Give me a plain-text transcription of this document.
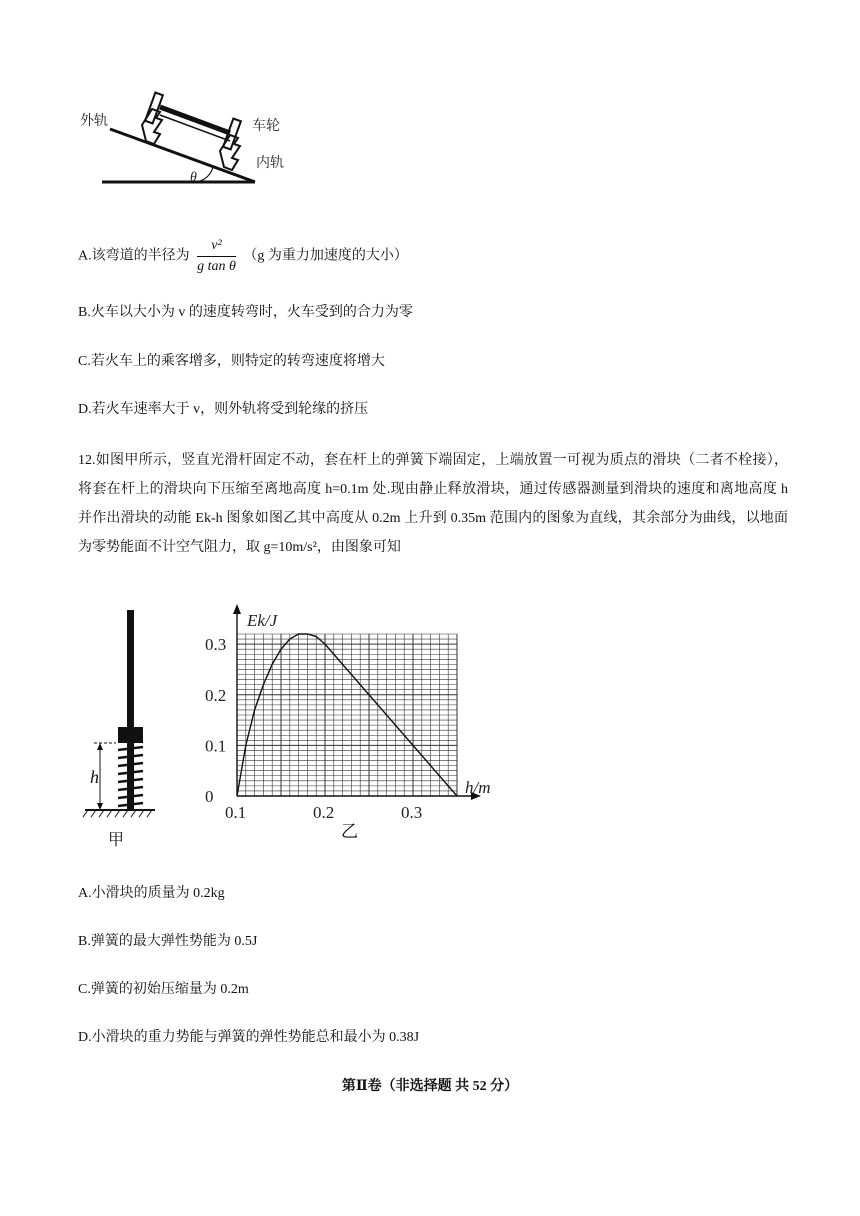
外轨	车轮
内轨
θ
A.该弯道的半径为 $\frac{\text{v²}}{\text{g tan θ}} (g$ 为重力加速度的大小）
B.火车以大小为 v 的速度转弯时，火车受到的合力为零
C.若火车上的乘客增多，则特定的转弯速度将增大
D.若火车速率大于 v，则外轨将受到轮缘的挤压
12.如图甲所示，竖直光滑杆固定不动，套在杆上的弹簧下端固定，上端放置一可视为质点的滑块（二者不栓接），将套在杆上的滑块向下压缩至离地高度 h=0.1m 处.现由静止释放滑块，通过传感器测量到滑块的速度和离地高度 h 并作出滑块的动能 Ek-h 图象如图乙其中高度从 0.2m 上升到 0.35m 范围内的图象为直线，其余部分为曲线，以地面为零势能面不计空气阻力，取 g=10m/s²，由图象可知
h
甲
0
0.1
0.2
0.3
0.1	0.2	0.3
Ek/J
h/m
乙
A.小滑块的质量为 0.2kg
B.弹簧的最大弹性势能为 0.5J
C.弹簧的初始压缩量为 0.2m
D.小滑块的重力势能与弹簧的弹性势能总和最小为 0.38J
第Ⅱ卷（非选择题 共 52 分）
